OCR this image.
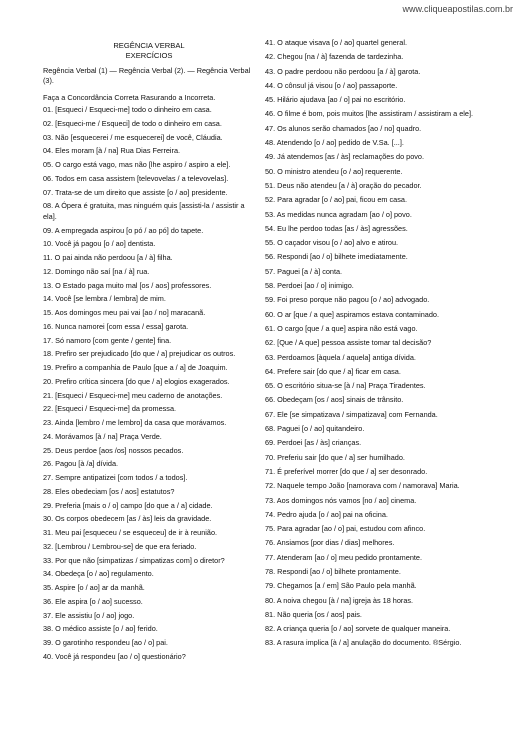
www.cliqueapostilas.com.br
REGÊNCIA VERBAL
EXERCÍCIOS
Regência Verbal (1) — Regência Verbal (2). — Regência Verbal (3).
Faça a Concordância Correta Rasurando a Incorreta.
01. [Esqueci / Esqueci-me] todo o dinheiro em casa.
02. [Esqueci-me / Esqueci] de todo o dinheiro em casa.
03. Não [esquecerei / me esquecerei] de você, Cláudia.
04. Eles moram [à / na] Rua Dias Ferreira.
05. O cargo está vago, mas não [lhe aspiro / aspiro a ele].
06. Todos em casa assistem [televovelas / a televovelas].
07. Trata-se de um direito que assiste [o / ao] presidente.
08. A Ópera é gratuita, mas ninguém quis [assisti-la / assistir a ela].
09. A empregada aspirou [o pó / ao pó] do tapete.
10. Você já pagou [o / ao] dentista.
11. O pai ainda não perdoou [a / à] filha.
12. Domingo não saí [na / à] rua.
13. O Estado paga muito mal [os / aos] professores.
14. Você [se lembra / lembra] de mim.
15. Aos domingos meu pai vai [ao / no] maracanã.
16. Nunca namorei [com essa / essa] garota.
17. Só namoro [com gente / gente] fina.
18. Prefiro ser prejudicado [do que / a] prejudicar os outros.
19. Prefiro a companhia de Paulo [que a / a] de Joaquim.
20. Prefiro crítica sincera [do que / a] elogios exagerados.
21. [Esqueci / Esqueci-me] meu caderno de anotações.
22. [Esqueci / Esqueci-me] da promessa.
23. Ainda [lembro / me lembro] da casa que morávamos.
24. Morávamos [à / na] Praça Verde.
25. Deus perdoe [aos /os] nossos pecados.
26. Pagou [à /a] dívida.
27. Sempre antipatizei [com todos / a todos].
28. Eles obedeciam [os / aos] estatutos?
29. Preferia [mais o / o] campo [do que a / a] cidade.
30. Os corpos obedecem [as / às] leis da gravidade.
31. Meu pai [esqueceu / se esqueceu] de ir à reunião.
32. [Lembrou / Lembrou-se] de que era feriado.
33. Por que não [simpatizas / simpatizas com] o diretor?
34. Obedeça [o / ao] regulamento.
35. Aspire [o / ao] ar da manhã.
36. Ele aspira [o / ao] sucesso.
37. Ele assistiu [o / ao] jogo.
38. O médico assiste [o / ao] ferido.
39. O garotinho respondeu [ao / o] pai.
40. Você já respondeu [ao / o] questionário?
41. O ataque visava [o / ao] quartel general.
42. Chegou [na / à] fazenda de tardezinha.
43. O padre perdoou não perdoou [a / à] garota.
44. O cônsul já visou [o / ao] passaporte.
45. Hilário ajudava [ao / o] pai no escritório.
46. O filme é bom, pois muitos [lhe assistiram / assistiram a ele].
47. Os alunos serão chamados [ao / no] quadro.
48. Atendendo [o / ao] pedido de V.Sa. [...].
49. Já atendemos [as / às] reclamações do povo.
50. O ministro atendeu [o / ao] requerente.
51. Deus não atendeu [a / à] oração do pecador.
52. Para agradar [o / ao] pai, ficou em casa.
53. As medidas nunca agradam [ao / o] povo.
54. Eu lhe perdoo todas [as / às] agressões.
55. O caçador visou [o / ao] alvo e atirou.
56. Respondi [ao / o] bilhete imediatamente.
57. Paguei [a / à] conta.
58. Perdoei [ao / o] inimigo.
59. Foi preso porque não pagou [o / ao] advogado.
60. O ar [que / a que] aspiramos estava contaminado.
61. O cargo [que / a que] aspira não está vago.
62. [Que / A que] pessoa assiste tomar tal decisão?
63. Perdoamos [àquela / aquela] antiga dívida.
64. Prefere sair [do que / a] ficar em casa.
65. O escritório situa-se [à / na] Praça Tiradentes.
66. Obedeçam [os / aos] sinais de trânsito.
67. Ele [se simpatizava / simpatizava] com Fernanda.
68. Paguei [o / ao] quitandeiro.
69. Perdoei [as / às] crianças.
70. Preferiu sair [do que / a] ser humilhado.
71. É preferível morrer [do que / a] ser desonrado.
72. Naquele tempo João [namorava com / namorava] Maria.
73. Aos domingos nós vamos [no / ao] cinema.
74. Pedro ajuda [o / ao] pai na oficina.
75. Para agradar [ao / o] pai, estudou com afinco.
76. Ansiamos [por dias / dias] melhores.
77. Atenderam [ao / o] meu pedido prontamente.
78. Respondi [ao / o] bilhete prontamente.
79. Chegamos [a / em] São Paulo pela manhã.
80. A noiva chegou [à / na] igreja às 18 horas.
81. Não queria [os / aos] pais.
82. A criança queria [o / ao] sorvete de qualquer maneira.
83. A rasura implica [à / a] anulação do documento. ®Sérgio.
